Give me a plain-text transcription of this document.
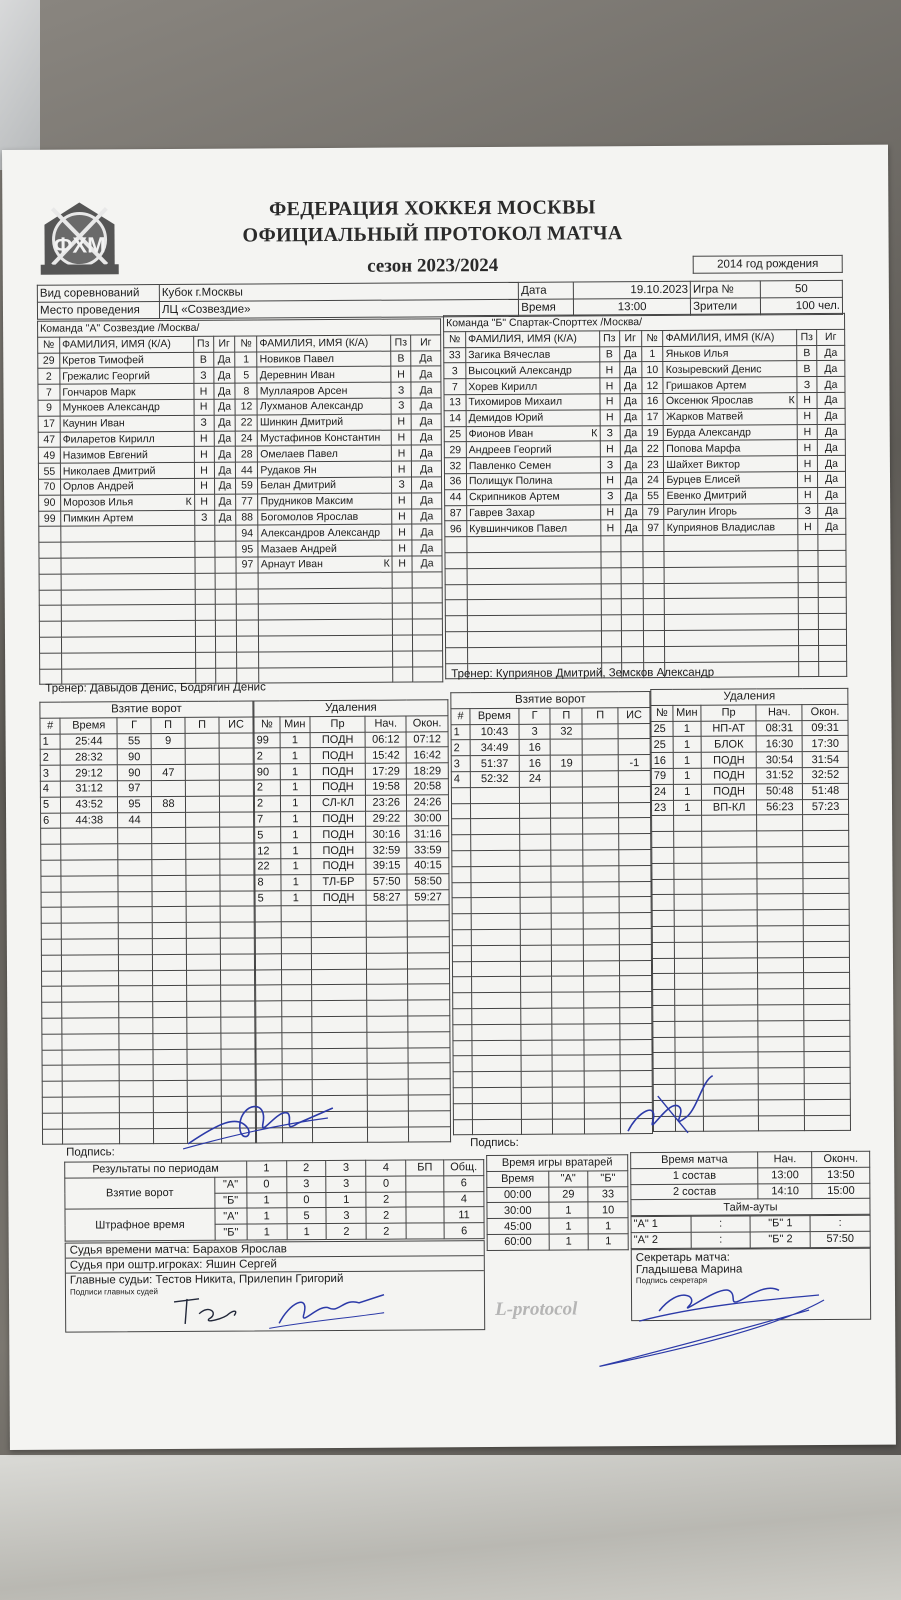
ФХМ
ФЕДЕРАЦИЯ ХОККЕЯ МОСКВЫ
ОФИЦИАЛЬНЫЙ ПРОТОКОЛ МАТЧА
сезон 2023/2024	2014 год рождения
Вид соревнований	Кубок г.Москвы	Дата	19.10.2023	Игра №	50
Место проведения	ЛЦ «Созвездие»	Время	13:00	Зрители	100 чел.
Команда "А" Созвездие /Москва/							
№	ФАМИЛИЯ, ИМЯ (К/А)	Пз	Иг	№	ФАМИЛИЯ, ИМЯ (К/А)	Пз	Иг
29	Кретов Тимофей	В	Да	1	Новиков Павел	В	Да
2	Грежалис Георгий	З	Да	5	Деревнин Иван	Н	Да
7	Гончаров Марк	Н	Да	8	Муллаяров Арсен	З	Да
9	Мункоев Александр	Н	Да	12	Лухманов Александр	З	Да
17	Каунин Иван	З	Да	22	Шинкин Дмитрий	Н	Да
47	Филаретов Кирилл	Н	Да	24	Мустафинов Константин	Н	Да
49	Назимов Евгений	Н	Да	28	Омелаев Павел	Н	Да
55	Николаев Дмитрий	Н	Да	44	Рудаков Ян	Н	Да
70	Орлов Андрей	Н	Да	59	Белан Дмитрий	З	Да
90	Морозов Илья К	Н	Да	77	Прудников Максим	Н	Да
99	Пимкин Артем	З	Да	88	Богомолов Ярослав	Н	Да
				94	Александров Александр	Н	Да
				95	Мазаев Андрей	Н	Да
				97	Арнаут Иван К	Н	Да

Команда "Б" Спартак-Спорттех /Москва/							
№	ФАМИЛИЯ, ИМЯ (К/А)	Пз	Иг	№	ФАМИЛИЯ, ИМЯ (К/А)	Пз	Иг
33	Загика Вячеслав	В	Да	1	Яньков Илья	В	Да
3	Высоцкий Александр	Н	Да	10	Козыревский Денис	В	Да
7	Хорев Кирилл	Н	Да	12	Гришаков Артем	З	Да
13	Тихомиров Михаил	Н	Да	16	Оксенюк Ярослав К	Н	Да
14	Демидов Юрий	Н	Да	17	Жарков Матвей	Н	Да
25	Фионов Иван К	З	Да	19	Бурда Александр	Н	Да
29	Андреев Георгий	Н	Да	22	Попова Марфа	Н	Да
32	Павленко Семен	З	Да	23	Шайхет Виктор	Н	Да
36	Полищук Полина	Н	Да	24	Бурцев Елисей	Н	Да
44	Скрипников Артем	З	Да	55	Евенко Дмитрий	Н	Да
87	Гаврев Захар	Н	Да	79	Рагулин Игорь	З	Да
96	Кувшинчиков Павел	Н	Да	97	Куприянов Владислав	Н	Да

Тренер: Давыдов Денис, Бодрягин Денис
Тренер: Куприянов Дмитрий, Земсков Александр
Взятие ворот					
#	Время	Г	П	П	ИС
1	25:44	55	9		
2	28:32	90			
3	29:12	90	47		
4	31:12	97			
5	43:52	95	88		
6	44:38	44			

Удаления				
№	Мин	Пр	Нач.	Окон.
99	1	ПОДН	06:12	07:12
2	1	ПОДН	15:42	16:42
90	1	ПОДН	17:29	18:29
2	1	ПОДН	19:58	20:58
2	1	СЛ-КЛ	23:26	24:26
7	1	ПОДН	29:22	30:00
5	1	ПОДН	30:16	31:16
12	1	ПОДН	32:59	33:59
22	1	ПОДН	39:15	40:15
8	1	ТЛ-БР	57:50	58:50
5	1	ПОДН	58:27	59:27

Взятие ворот					
#	Время	Г	П	П	ИС
1	10:43	3	32		
2	34:49	16			
3	51:37	16	19		-1
4	52:32	24			

Удаления				
№	Мин	Пр	Нач.	Окон.
25	1	НП-АТ	08:31	09:31
25	1	БЛОК	16:30	17:30
16	1	ПОДН	30:54	31:54
79	1	ПОДН	31:52	32:52
24	1	ПОДН	50:48	51:48
23	1	ВП-КЛ	56:23	57:23

Подпись:
Подпись:
Результаты по периодам		1	2	3	4	БП	Общ.
Взятие ворот	"А"	0	3	3	0		6
	"Б"	1	0	1	2		4
Штрафное время	"А"	1	5	3	2		11
	"Б"	1	1	2	2		6
Время игры вратарей		
Время	"А"	"Б"
00:00	29	33
30:00	1	10
45:00	1	1
60:00	1	1
Время матча	Нач.	Оконч.
1 состав	13:00	13:50
2 состав	14:10	15:00
Тайм-ауты		
"А" 1	:	"Б" 1	:
"А" 2	:	"Б" 2	57:50
Судья времени матча: Барахов Ярослав
Судья при оштр.игроках: Яшин Сергей
Главные судьи: Тестов Никита, Прилепин Григорий
Подписи главных судей
L-protocol
Секретарь матча:
Гладышева Марина
Подпись секретаря
